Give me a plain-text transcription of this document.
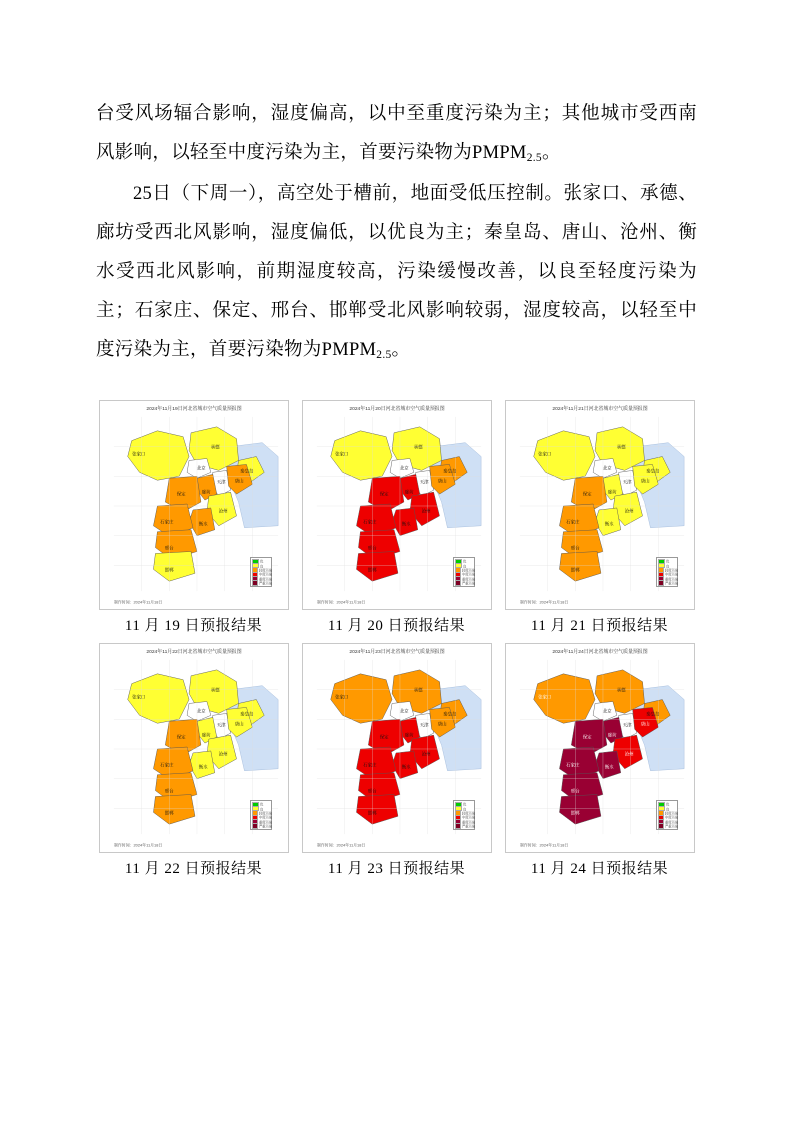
台受风场辐合影响，湿度偏高，以中至重度污染为主；其他城市受西南风影响，以轻至中度污染为主，首要污染物为$PMPM_{2.5}$。

25日（下周一），高空处于槽前，地面受低压控制。张家口、承德、廊坊受西北风影响，湿度偏低，以优良为主；秦皇岛、唐山、沧州、衡水受西北风影响，前期湿度较高，污染缓慢改善，以良至轻度污染为主；石家庄、保定、邢台、邯郸受北风影响较弱，湿度较高，以轻至中度污染为主，首要污染物为$PMPM_{2.5}$。

2024年11月19日河北省城市空气质量预报图
张家口
承德
秦皇岛
北京
天津	唐山
廊坊
保定
沧州
衡水
石家庄
邢台
邯郸
优
良
轻度污染
中度污染
重度污染
严重污染
制作时间：2024年11月18日
11 月 19 日预报结果
2024年11月20日河北省城市空气质量预报图
张家口
承德
秦皇岛
北京
天津	唐山
廊坊
保定
沧州
衡水
石家庄
邢台
邯郸
优
良
轻度污染
中度污染
重度污染
严重污染
制作时间：2024年11月18日
11 月 20 日预报结果
2024年11月21日河北省城市空气质量预报图
张家口
承德
秦皇岛
北京
天津	唐山
廊坊
保定
沧州
衡水
石家庄
邢台
邯郸
优
良
轻度污染
中度污染
重度污染
严重污染
制作时间：2024年11月18日
11 月 21 日预报结果
2024年11月22日河北省城市空气质量预报图
张家口
承德
秦皇岛
北京
天津	唐山
廊坊
保定
沧州
衡水
石家庄
邢台
邯郸
优
良
轻度污染
中度污染
重度污染
严重污染
制作时间：2024年11月18日
11 月 22 日预报结果
2024年11月23日河北省城市空气质量预报图
张家口
承德
秦皇岛
北京
天津	唐山
廊坊
保定
沧州
衡水
石家庄
邢台
邯郸
优
良
轻度污染
中度污染
重度污染
严重污染
制作时间：2024年11月18日
11 月 23 日预报结果
2024年11月24日河北省城市空气质量预报图
张家口
承德
秦皇岛
北京
天津	唐山
廊坊
保定
沧州
衡水
石家庄
邢台
邯郸
优
良
轻度污染
中度污染
重度污染
严重污染
制作时间：2024年11月18日
11 月 24 日预报结果
